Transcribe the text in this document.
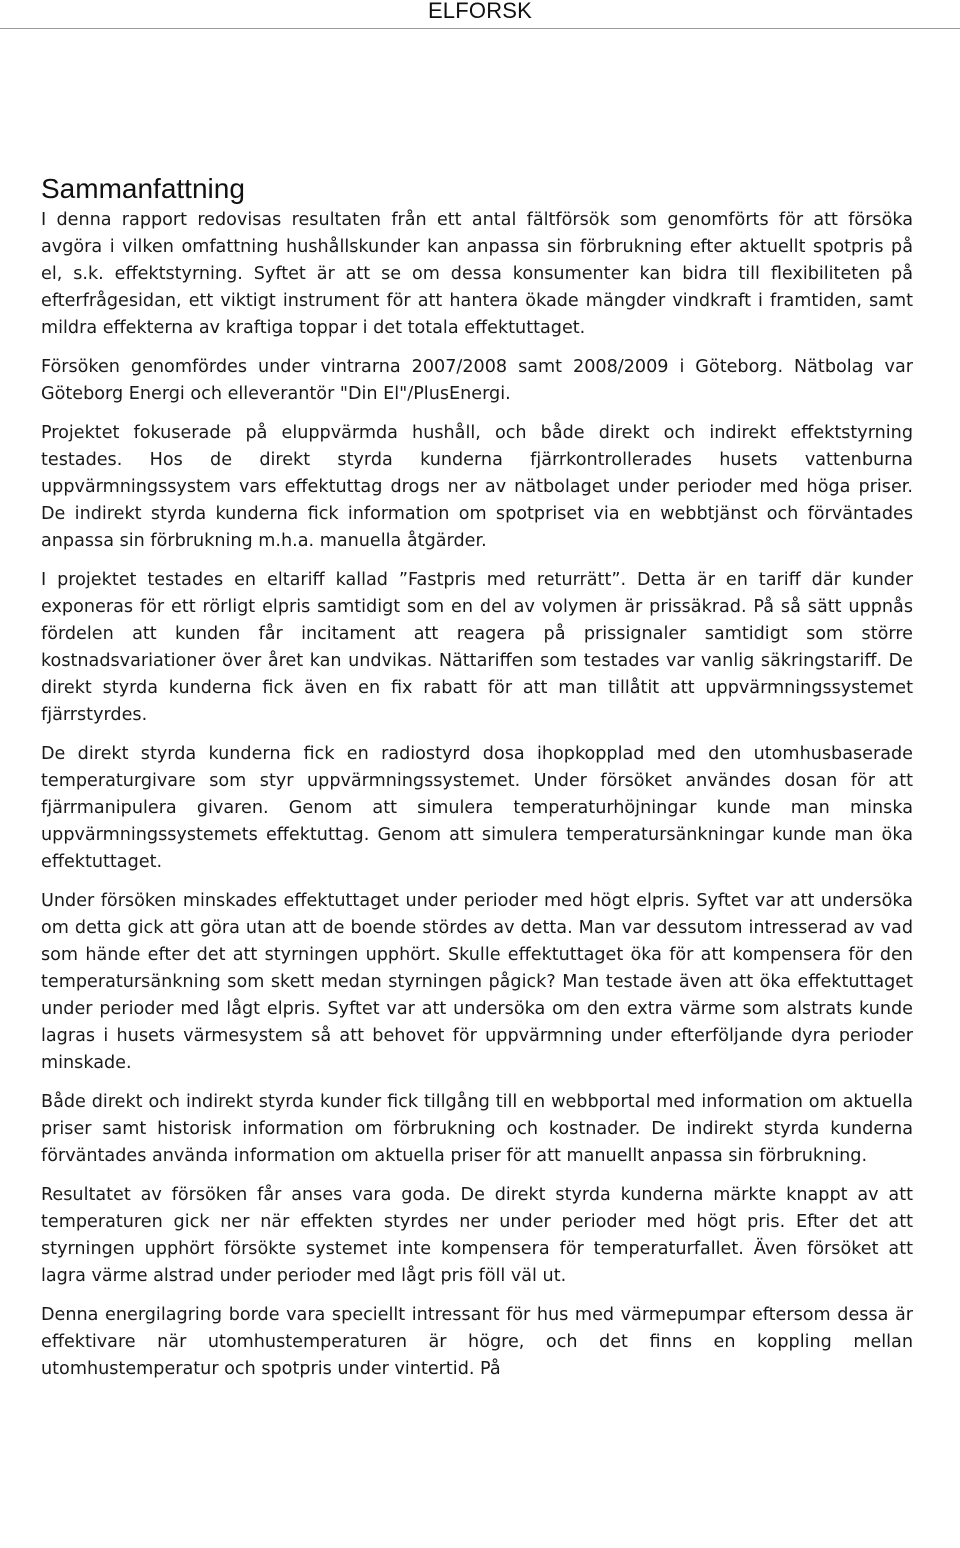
ELFORSK
Sammanfattning

I denna rapport redovisas resultaten från ett antal fältförsök som genomförts för att försöka avgöra i vilken omfattning hushållskunder kan anpassa sin förbrukning efter aktuellt spotpris på el, s.k. effektstyrning. Syftet är att se om dessa konsumenter kan bidra till flexibiliteten på efterfrågesidan, ett viktigt instrument för att hantera ökade mängder vindkraft i framtiden, samt mildra effekterna av kraftiga toppar i det totala effektuttaget.

Försöken genomfördes under vintrarna 2007/2008 samt 2008/2009 i Göteborg. Nätbolag var Göteborg Energi och elleverantör "Din El"/PlusEnergi.

Projektet fokuserade på eluppvärmda hushåll, och både direkt och indirekt effektstyrning testades. Hos de direkt styrda kunderna fjärrkontrollerades husets vattenburna uppvärmningssystem vars effektuttag drogs ner av nätbolaget under perioder med höga priser. De indirekt styrda kunderna fick information om spotpriset via en webbtjänst och förväntades anpassa sin förbrukning m.h.a. manuella åtgärder.

I projektet testades en eltariff kallad ”Fastpris med returrätt”. Detta är en tariff där kunder exponeras för ett rörligt elpris samtidigt som en del av volymen är prissäkrad. På så sätt uppnås fördelen att kunden får incitament att reagera på prissignaler samtidigt som större kostnadsvariationer över året kan undvikas. Nättariffen som testades var vanlig säkringstariff. De direkt styrda kunderna fick även en fix rabatt för att man tillåtit att uppvärmningssystemet fjärrstyrdes.

De direkt styrda kunderna fick en radiostyrd dosa ihopkopplad med den utomhusbaserade temperaturgivare som styr uppvärmningssystemet. Under försöket användes dosan för att fjärrmanipulera givaren. Genom att simulera temperaturhöjningar kunde man minska uppvärmningssystemets effektuttag. Genom att simulera temperatursänkningar kunde man öka effektuttaget.

Under försöken minskades effektuttaget under perioder med högt elpris. Syftet var att undersöka om detta gick att göra utan att de boende stördes av detta. Man var dessutom intresserad av vad som hände efter det att styrningen upphört. Skulle effektuttaget öka för att kompensera för den temperatursänkning som skett medan styrningen pågick? Man testade även att öka effektuttaget under perioder med lågt elpris. Syftet var att undersöka om den extra värme som alstrats kunde lagras i husets värmesystem så att behovet för uppvärmning under efterföljande dyra perioder minskade.

Både direkt och indirekt styrda kunder fick tillgång till en webbportal med information om aktuella priser samt historisk information om förbrukning och kostnader. De indirekt styrda kunderna förväntades använda information om aktuella priser för att manuellt anpassa sin förbrukning.

Resultatet av försöken får anses vara goda. De direkt styrda kunderna märkte knappt av att temperaturen gick ner när effekten styrdes ner under perioder med högt pris. Efter det att styrningen upphört försökte systemet inte kompensera för temperaturfallet. Även försöket att lagra värme alstrad under perioder med lågt pris föll väl ut.

Denna energilagring borde vara speciellt intressant för hus med värmepumpar eftersom dessa är effektivare när utomhustemperaturen är högre, och det finns en koppling mellan utomhustemperatur och spotpris under vintertid. På
